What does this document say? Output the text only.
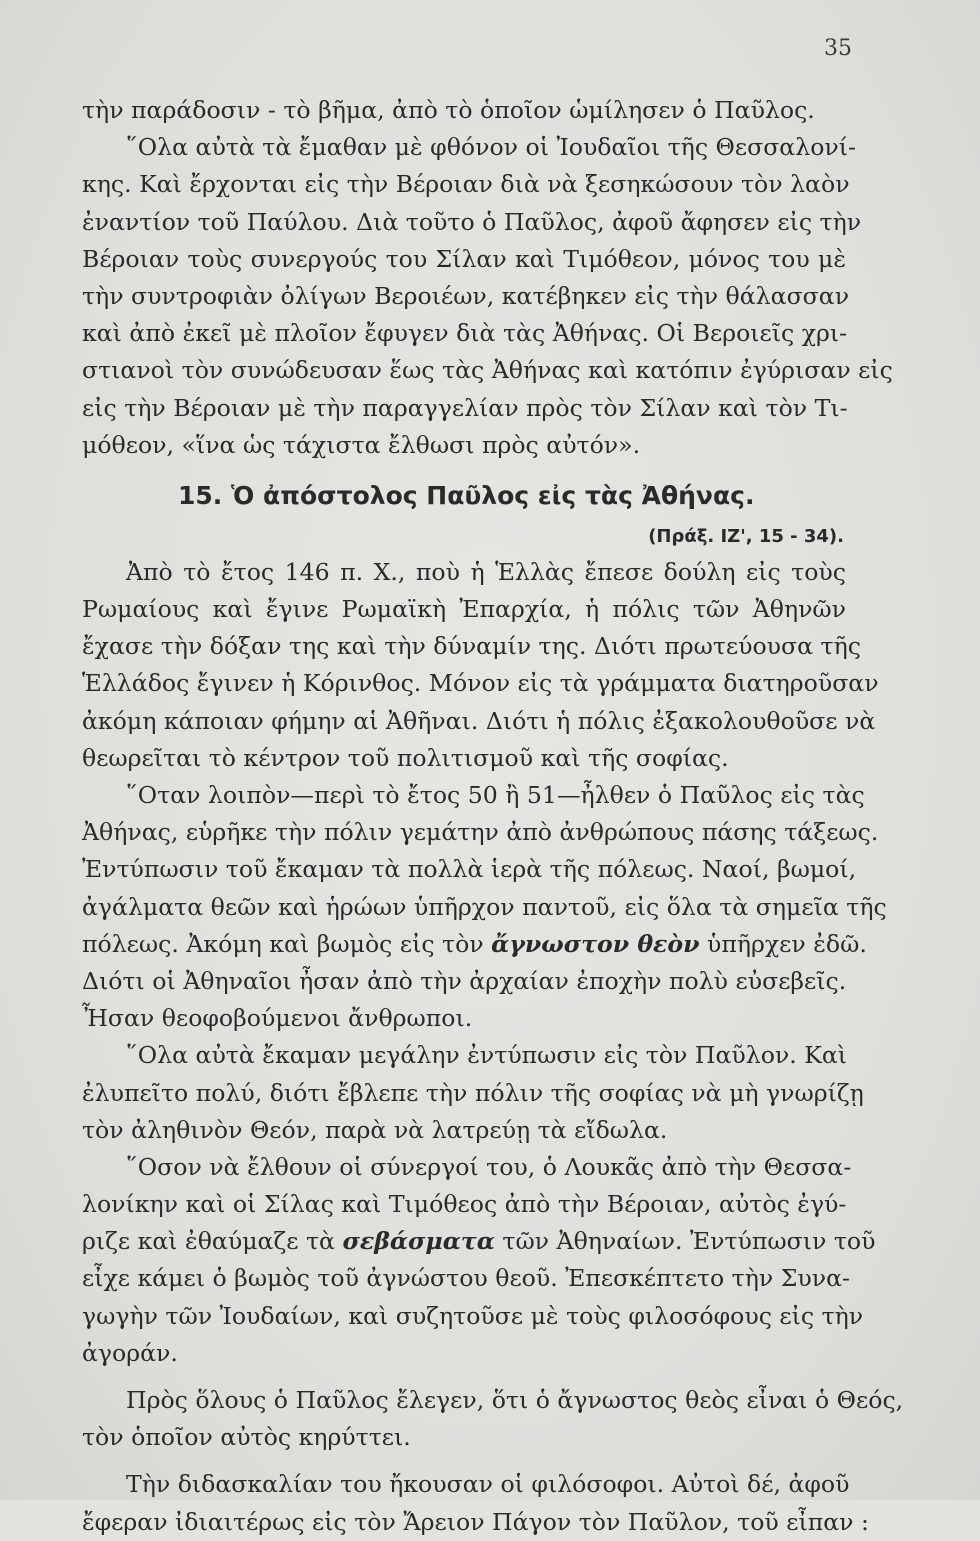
35
τὴν παράδοσιν - τὸ βῆμα, ἀπὸ τὸ ὁποῖον ὡμίλησεν ὁ Παῦλος.
῞Ολα αὐτὰ τὰ ἔμαθαν μὲ φθόνον οἱ Ἰουδαῖοι τῆς Θεσσαλονί-
κης. Καὶ ἔρχονται εἰς τὴν Βέροιαν διὰ νὰ ξεσηκώσουν τὸν λαὸν
ἐναντίον τοῦ Παύλου. Διὰ τοῦτο ὁ Παῦλος, ἀφοῦ ἄφησεν εἰς τὴν
Βέροιαν τοὺς συνεργούς του Σίλαν καὶ Τιμόθεον, μόνος του μὲ
τὴν συντροφιὰν ὀλίγων Βεροιέων, κατέβηκεν εἰς τὴν θάλασσαν
καὶ ἀπὸ ἐκεῖ μὲ πλοῖον ἔφυγεν διὰ τὰς Ἀθήνας. Οἱ Βεροιεῖς χρι-
στιανοὶ τὸν συνώδευσαν ἕως τὰς Ἀθήνας καὶ κατόπιν ἐγύρισαν εἰς
εἰς τὴν Βέροιαν μὲ τὴν παραγγελίαν πρὸς τὸν Σίλαν καὶ τὸν Τι-
μόθεον, «ἵνα ὡς τάχιστα ἔλθωσι πρὸς αὐτόν».
15. Ὁ ἀπόστολος Παῦλος εἰς τὰς Ἀθήνας.
(Πράξ. ΙΖ', 15 - 34).
Ἀπὸ τὸ ἔτος 146 π. Χ., ποὺ ἡ Ἑλλὰς ἔπεσε δούλη εἰς τοὺς
Ρωμαίους καὶ ἔγινε Ρωμαϊκὴ Ἐπαρχία, ἡ πόλις τῶν Ἀθηνῶν
ἔχασε τὴν δόξαν της καὶ τὴν δύναμίν της. Διότι πρωτεύουσα τῆς
Ἑλλάδος ἔγινεν ἡ Κόρινθος. Μόνον εἰς τὰ γράμματα διατηροῦσαν
ἀκόμη κάποιαν φήμην αἱ Ἀθῆναι. Διότι ἡ πόλις ἐξακολουθοῦσε νὰ
θεωρεῖται τὸ κέντρον τοῦ πολιτισμοῦ καὶ τῆς σοφίας.
῞Οταν λοιπὸν—περὶ τὸ ἔτος 50 ἢ 51—ἦλθεν ὁ Παῦλος εἰς τὰς
Ἀθήνας, εὑρῆκε τὴν πόλιν γεμάτην ἀπὸ ἀνθρώπους πάσης τάξεως.
Ἐντύπωσιν τοῦ ἔκαμαν τὰ πολλὰ ἱερὰ τῆς πόλεως. Ναοί, βωμοί,
ἀγάλματα θεῶν καὶ ἡρώων ὑπῆρχον παντοῦ, εἰς ὅλα τὰ σημεῖα τῆς
πόλεως. Ἀκόμη καὶ βωμὸς εἰς τὸν ἄγνωστον θεὸν ὑπῆρχεν ἐδῶ.
Διότι οἱ Ἀθηναῖοι ἦσαν ἀπὸ τὴν ἀρχαίαν ἐποχὴν πολὺ εὐσεβεῖς.
Ἦσαν θεοφοβούμενοι ἄνθρωποι.
῞Ολα αὐτὰ ἔκαμαν μεγάλην ἐντύπωσιν εἰς τὸν Παῦλον. Καὶ
ἐλυπεῖτο πολύ, διότι ἔβλεπε τὴν πόλιν τῆς σοφίας νὰ μὴ γνωρίζῃ
τὸν ἀληθινὸν Θεόν, παρὰ νὰ λατρεύῃ τὰ εἴδωλα.
῞Οσον νὰ ἔλθουν οἱ σύνεργοί του, ὁ Λουκᾶς ἀπὸ τὴν Θεσσα-
λονίκην καὶ οἱ Σίλας καὶ Τιμόθεος ἀπὸ τὴν Βέροιαν, αὐτὸς ἐγύ-
ριζε καὶ ἐθαύμαζε τὰ σεβάσματα τῶν Ἀθηναίων. Ἐντύπωσιν τοῦ
εἶχε κάμει ὁ βωμὸς τοῦ ἀγνώστου θεοῦ. Ἐπεσκέπτετο τὴν Συνα-
γωγὴν τῶν Ἰουδαίων, καὶ συζητοῦσε μὲ τοὺς φιλοσόφους εἰς τὴν
ἀγοράν.
Πρὸς ὅλους ὁ Παῦλος ἔλεγεν, ὅτι ὁ ἄγνωστος θεὸς εἶναι ὁ Θεός,
τὸν ὁποῖον αὐτὸς κηρύττει.
Τὴν διδασκαλίαν του ἤκουσαν οἱ φιλόσοφοι. Αὐτοὶ δέ, ἀφοῦ
ἔφεραν ἰδιαιτέρως εἰς τὸν Ἄρειον Πάγον τὸν Παῦλον, τοῦ εἶπαν :
